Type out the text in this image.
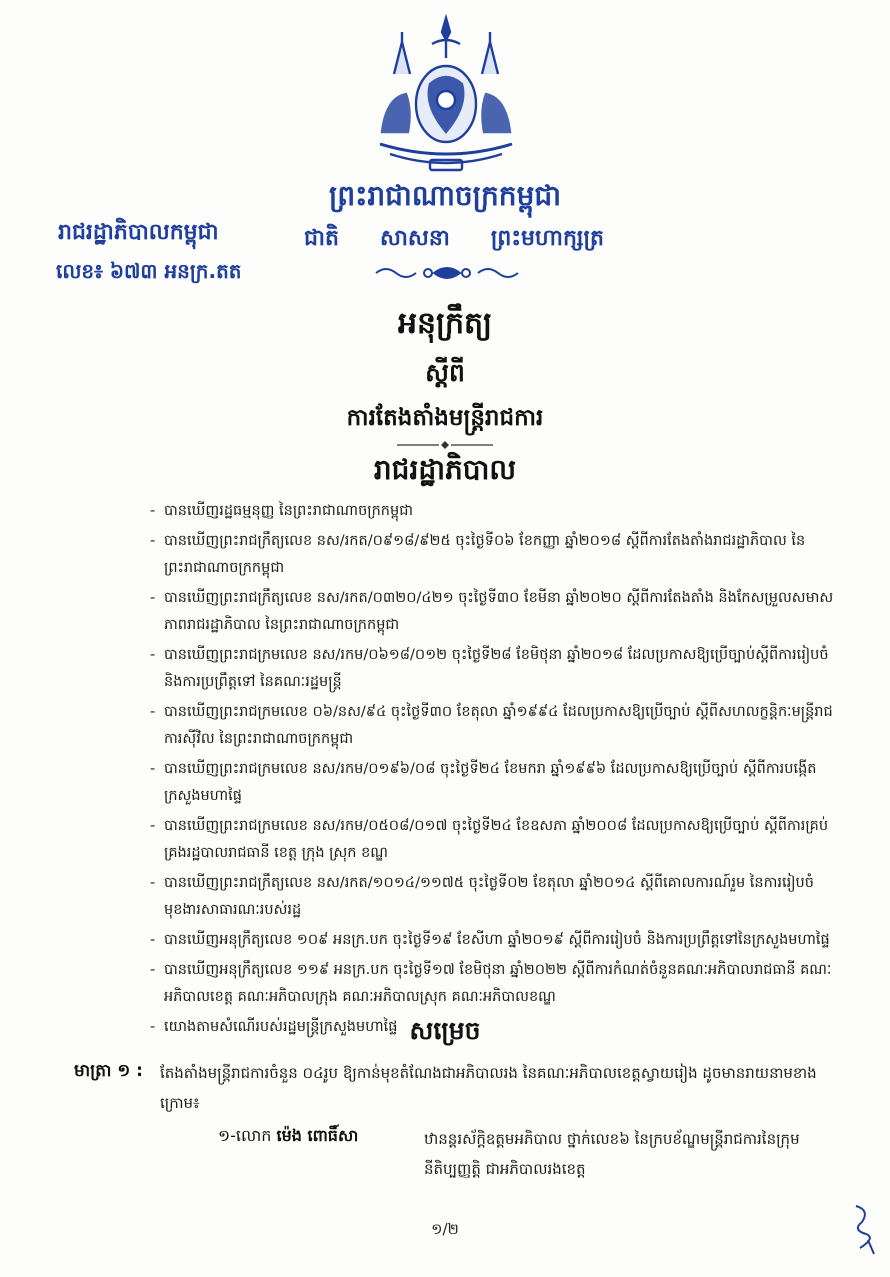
ព្រះរាជាណាចក្រកម្ពុជា
ជាតិ សាសនា ព្រះមហាក្សត្រ
រាជរដ្ឋាភិបាលកម្ពុជា
លេខ៖ ៦៧៣ អនក្រ.តត
អនុក្រឹត្យ
ស្ដីពី
ការតែងតាំងមន្ត្រីរាជការ
រាជរដ្ឋាភិបាល
- បានឃើញរដ្ឋធម្មនុញ្ញ នៃព្រះរាជាណាចក្រកម្ពុជា
- បានឃើញព្រះរាជក្រឹត្យលេខ នស/រកត/០៩១៨/៩២៥ ចុះថ្ងៃទី០៦ ខែកញ្ញា ឆ្នាំ២០១៨ ស្ដីពីការតែងតាំងរាជរដ្ឋាភិបាល នៃព្រះរាជាណាចក្រកម្ពុជា
- បានឃើញព្រះរាជក្រឹត្យលេខ នស/រកត/០៣២០/៤២១ ចុះថ្ងៃទី៣០ ខែមីនា ឆ្នាំ២០២០ ស្ដីពីការតែងតាំង និងកែសម្រួលសមាសភាពរាជរដ្ឋាភិបាល នៃព្រះរាជាណាចក្រកម្ពុជា
- បានឃើញព្រះរាជក្រមលេខ នស/រកម/០៦១៨/០១២ ចុះថ្ងៃទី២៨ ខែមិថុនា ឆ្នាំ២០១៨ ដែលប្រកាសឱ្យប្រើច្បាប់ស្ដីពីការរៀបចំ និងការប្រព្រឹត្តទៅ នៃគណៈរដ្ឋមន្ត្រី
- បានឃើញព្រះរាជក្រមលេខ ០៦/នស/៩៤ ចុះថ្ងៃទី៣០ ខែតុលា ឆ្នាំ១៩៩៤ ដែលប្រកាសឱ្យប្រើច្បាប់ ស្ដីពីសហលក្ខន្តិកៈមន្ត្រីរាជការស៊ីវិល នៃព្រះរាជាណាចក្រកម្ពុជា
- បានឃើញព្រះរាជក្រមលេខ នស/រកម/០១៩៦/០៨ ចុះថ្ងៃទី២៤ ខែមករា ឆ្នាំ១៩៩៦ ដែលប្រកាសឱ្យប្រើច្បាប់ ស្ដីពីការបង្កើតក្រសួងមហាផ្ទៃ
- បានឃើញព្រះរាជក្រមលេខ នស/រកម/០៥០៨/០១៧ ចុះថ្ងៃទី២៤ ខែឧសភា ឆ្នាំ២០០៨ ដែលប្រកាសឱ្យប្រើច្បាប់ ស្ដីពីការគ្រប់គ្រងរដ្ឋបាលរាជធានី ខេត្ត ក្រុង ស្រុក ខណ្ឌ
- បានឃើញព្រះរាជក្រឹត្យលេខ នស/រកត/១០១៤/១១៧៥ ចុះថ្ងៃទី០២ ខែតុលា ឆ្នាំ២០១៤ ស្ដីពីគោលការណ៍រួម នៃការរៀបចំមុខងារសាធារណៈរបស់រដ្ឋ
- បានឃើញអនុក្រឹត្យលេខ ១០៩ អនក្រ.បក ចុះថ្ងៃទី១៩ ខែសីហា ឆ្នាំ២០១៩ ស្ដីពីការរៀបចំ និងការប្រព្រឹត្តទៅនៃក្រសួងមហាផ្ទៃ
- បានឃើញអនុក្រឹត្យលេខ ១១៩ អនក្រ.បក ចុះថ្ងៃទី១៧ ខែមិថុនា ឆ្នាំ២០២២ ស្ដីពីការកំណត់ចំនួនគណៈអភិបាលរាជធានី គណៈអភិបាលខេត្ត គណៈអភិបាលក្រុង គណៈអភិបាលស្រុក គណៈអភិបាលខណ្ឌ
- យោងតាមសំណើរបស់រដ្ឋមន្ត្រីក្រសួងមហាផ្ទៃ សម្រេច
មាត្រា ១ : តែងតាំងមន្ត្រីរាជការចំនួន ០៤រូប ឱ្យកាន់មុខតំណែងជាអភិបាលរង នៃគណៈអភិបាលខេត្តស្វាយរៀង ដូចមានរាយនាមខាងក្រោម៖
១-លោក ម៉េង ពោធិ៍សា	ឋានន្តរស័ក្តិឧត្តមអភិបាល ថ្នាក់លេខ៦ នៃក្របខ័ណ្ឌមន្ត្រីរាជការនៃក្រុមនីតិប្បញ្ញត្តិ ជាអភិបាលរងខេត្ត
១/២
